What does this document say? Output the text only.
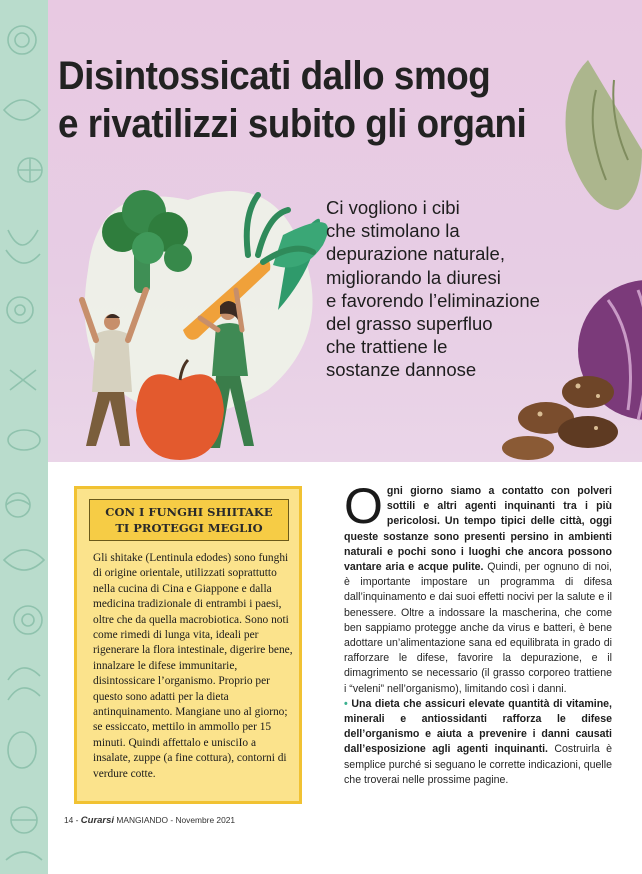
Disintossicati dallo smog
e rivatilizzi subito gli organi
Ci vogliono i cibi
che stimolano la
depurazione naturale,
migliorando la diuresi
e favorendo l’eliminazione
del grasso superfluo
che trattiene le
sostanze dannose
CON I FUNGHI SHIITAKE
TI PROTEGGI MEGLIO

Gli shitake (Lentinula edodes) sono funghi di origine orientale, utilizzati soprattutto nella cucina di Cina e Giappone e dalla medicina tradizionale di entrambi i paesi, oltre che da quella macrobiotica. Sono noti come rimedi di lunga vita, ideali per rigenerare la flora intestinale, digerire bene, innalzare le difese immunitarie, disintossicare l’organismo. Proprio per questo sono adatti per la dieta antinquinamento. Mangiane uno al giorno; se essiccato, mettilo in ammollo per 15 minuti. Quindi affettalo e unisciIo a insalate, zuppe (a fine cottura), contorni di verdure cotte.

Ogni giorno siamo a contatto con polveri sottili e altri agenti inquinanti tra i più pericolosi. Un tempo tipici delle città, oggi queste sostanze sono presenti persino in ambienti naturali e pochi sono i luoghi che ancora possono vantare aria e acque pulite. Quindi, per ognuno di noi, è importante impostare un programma di difesa dall’inquinamento e dai suoi effetti nocivi per la salute e il benessere. Oltre a indossare la mascherina, che come ben sappiamo protegge anche da virus e batteri, è bene adottare un’alimentazione sana ed equilibrata in grado di rafforzare le difese, favorire la depurazione, e il dimagrimento se necessario (il grasso corporeo trattiene i “veleni” nell’organismo), limitando così i danni.

• Una dieta che assicuri elevate quantità di vitamine, minerali e antiossidanti rafforza le difese dell’organismo e aiuta a prevenire i danni causati dall’esposizione agli agenti inquinanti. Costruirla è semplice purché si seguano le corrette indicazioni, quelle che troverai nelle prossime pagine.

14 - Curarsi MANGIANDO - Novembre 2021
